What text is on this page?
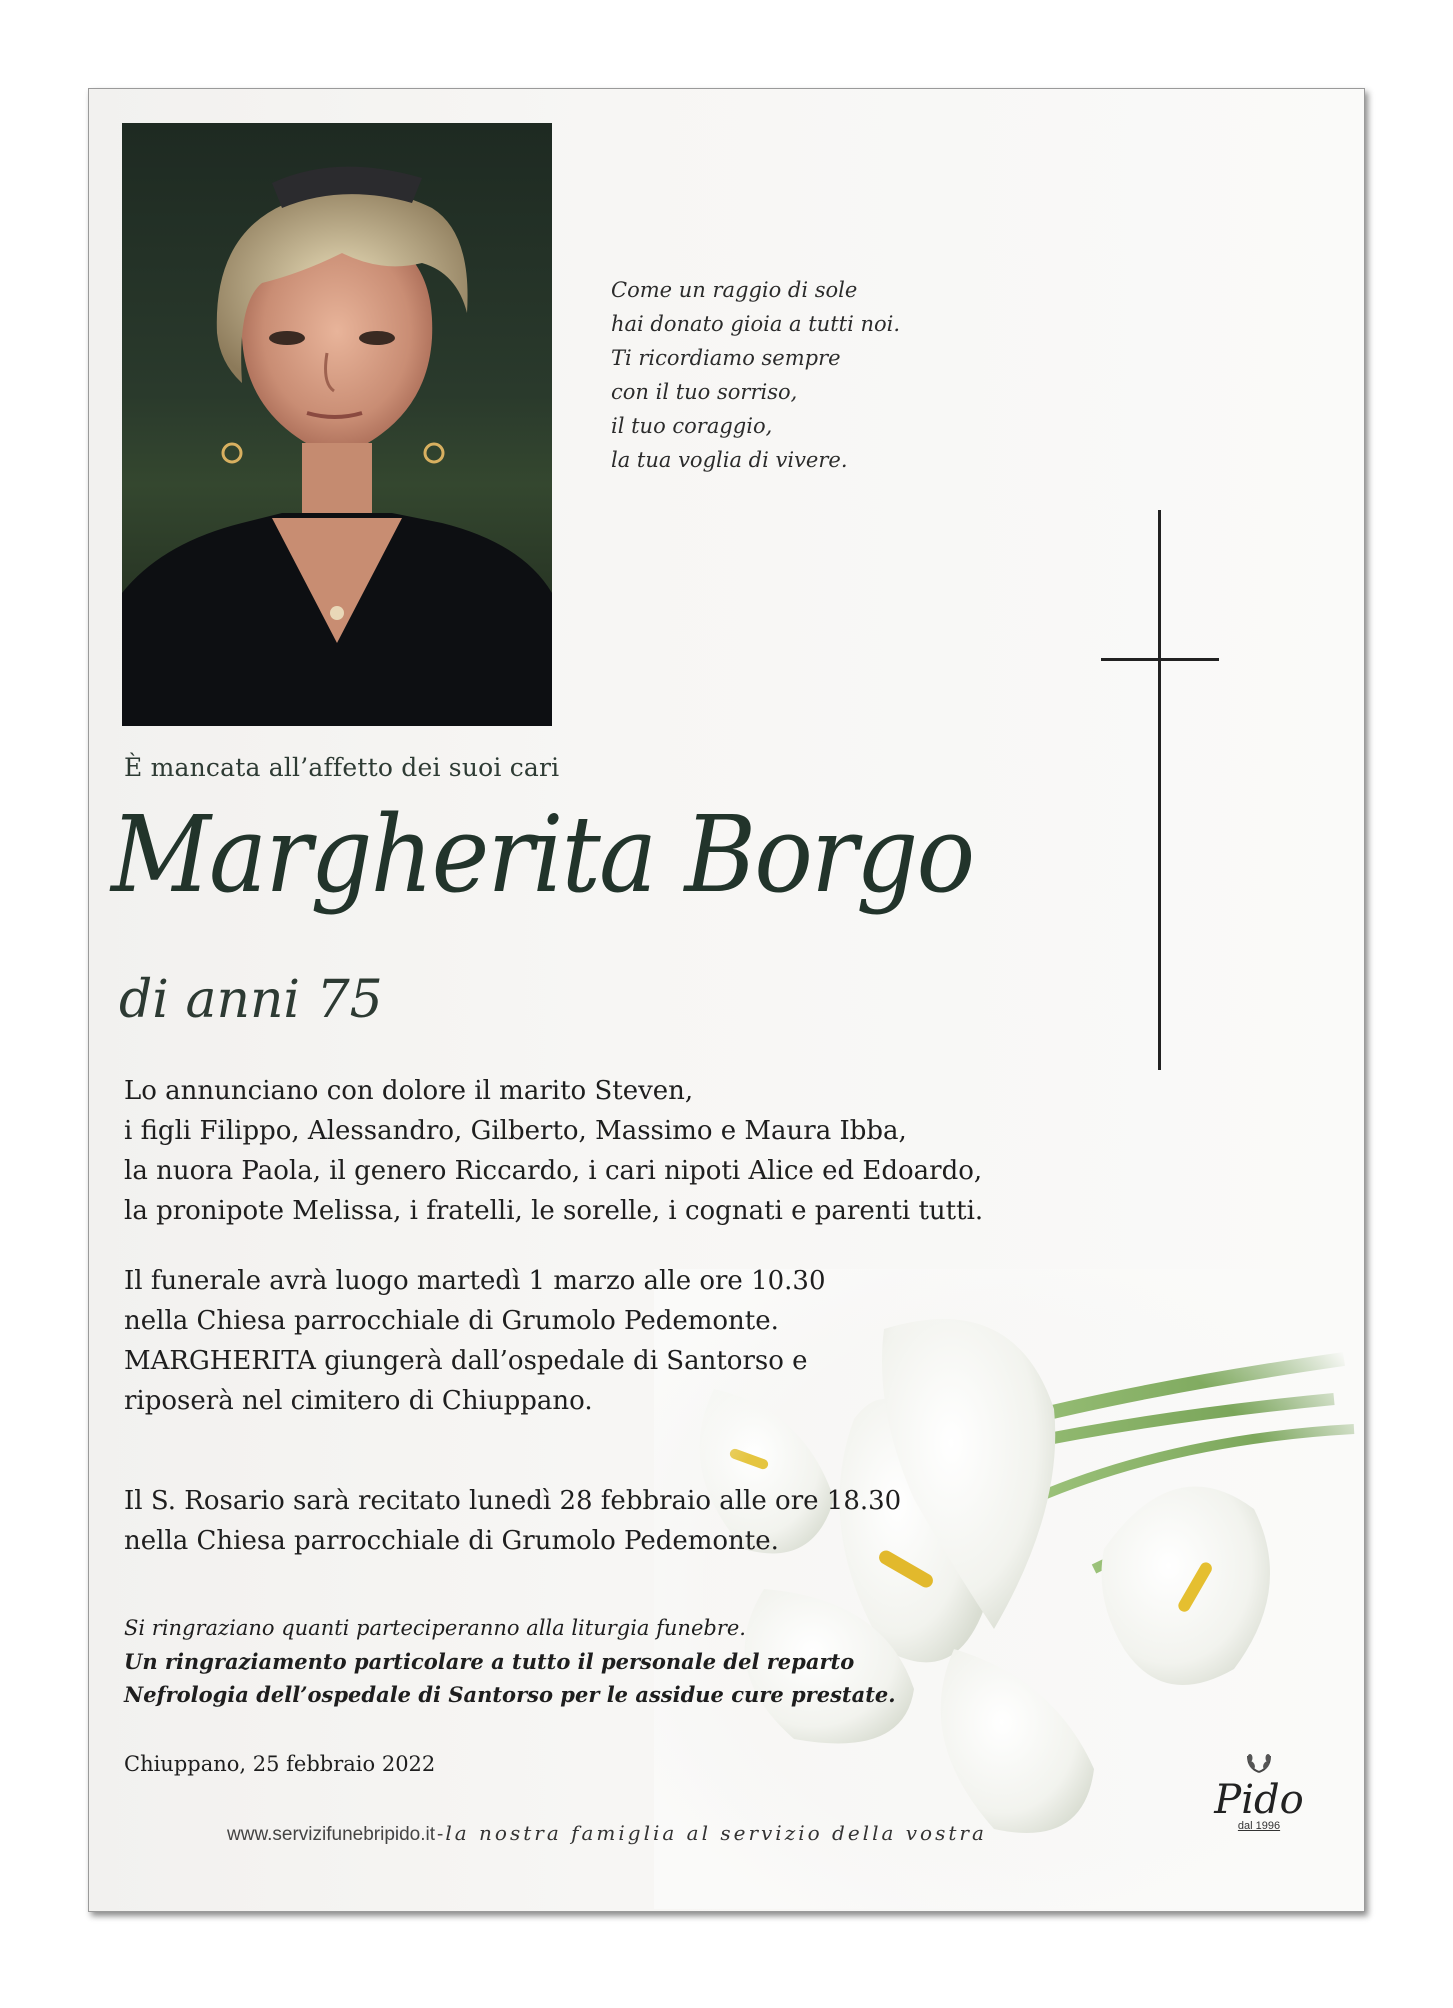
Come un raggio di sole
hai donato gioia a tutti noi.
Ti ricordiamo sempre
con il tuo sorriso,
il tuo coraggio,
la tua voglia di vivere.
È mancata all’affetto dei suoi cari
Margherita Borgo
di anni 75
Lo annunciano con dolore il marito Steven,
i figli Filippo, Alessandro, Gilberto, Massimo e Maura Ibba,
la nuora Paola, il genero Riccardo, i cari nipoti Alice ed Edoardo,
la pronipote Melissa, i fratelli, le sorelle, i cognati e parenti tutti.
Il funerale avrà luogo martedì 1 marzo alle ore 10.30
nella Chiesa parrocchiale di Grumolo Pedemonte.
MARGHERITA giungerà dall’ospedale di Santorso e
riposerà nel cimitero di Chiuppano.
Il S. Rosario sarà recitato lunedì 28 febbraio alle ore 18.30
nella Chiesa parrocchiale di Grumolo Pedemonte.
Si ringraziano quanti parteciperanno alla liturgia funebre.
Un ringraziamento particolare a tutto il personale del reparto
Nefrologia dell’ospedale di Santorso per le assidue cure prestate.
Chiuppano, 25 febbraio 2022
Pido
dal 1996
www.servizifunebripido.it - la nostra famiglia al servizio della vostra
